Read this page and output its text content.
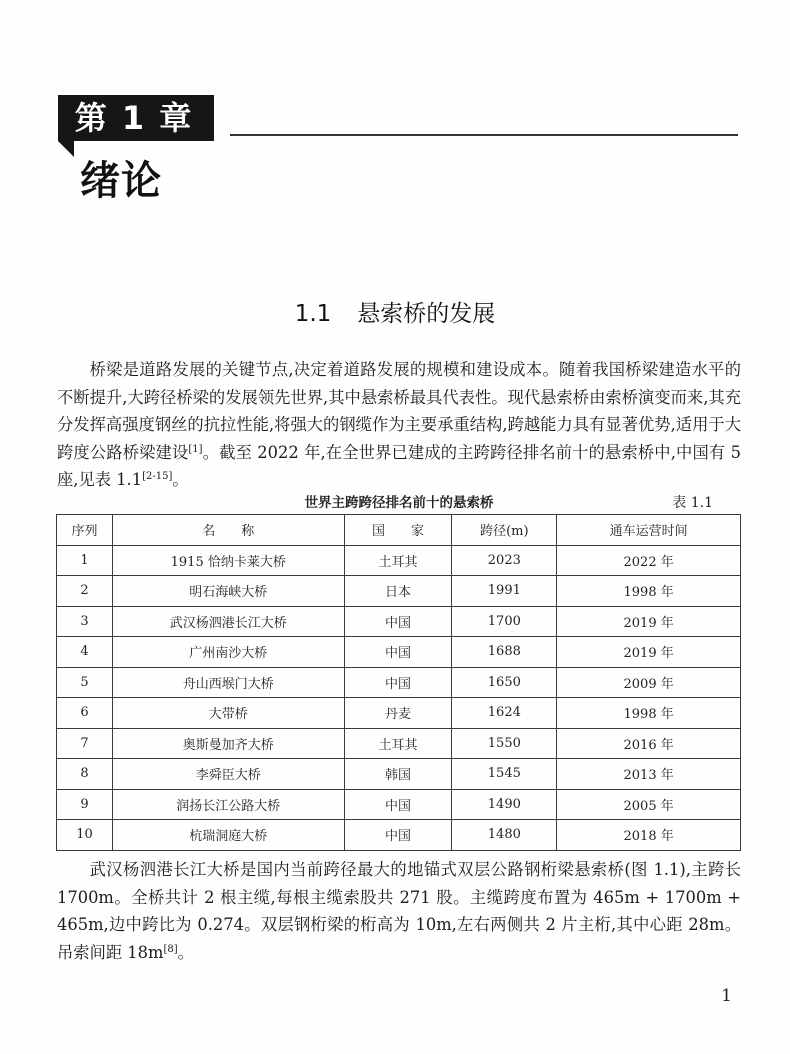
第 1 章
绪论
1.1 悬索桥的发展

桥梁是道路发展的关键节点,决定着道路发展的规模和建设成本。随着我国桥梁建造水平的不断提升,大跨径桥梁的发展领先世界,其中悬索桥最具代表性。现代悬索桥由索桥演变而来,其充分发挥高强度钢丝的抗拉性能,将强大的钢缆作为主要承重结构,跨越能力具有显著优势,适用于大跨度公路桥梁建设[1]。截至 2022 年,在全世界已建成的主跨跨径排名前十的悬索桥中,中国有 5 座,见表 1.1[2-15]。

世界主跨跨径排名前十的悬索桥	表 1.1
序列	名　　称	国　　家	跨径(m)	通车运营时间
1	1915 恰纳卡莱大桥	土耳其	2023	2022 年
2	明石海峡大桥	日本	1991	1998 年
3	武汉杨泗港长江大桥	中国	1700	2019 年
4	广州南沙大桥	中国	1688	2019 年
5	舟山西堠门大桥	中国	1650	2009 年
6	大带桥	丹麦	1624	1998 年
7	奥斯曼加齐大桥	土耳其	1550	2016 年
8	李舜臣大桥	韩国	1545	2013 年
9	润扬长江公路大桥	中国	1490	2005 年
10	杭瑞洞庭大桥	中国	1480	2018 年

武汉杨泗港长江大桥是国内当前跨径最大的地锚式双层公路钢桁梁悬索桥(图 1.1),主跨长 1700m。全桥共计 2 根主缆,每根主缆索股共 271 股。主缆跨度布置为 465m + 1700m + 465m,边中跨比为 0.274。双层钢桁梁的桁高为 10m,左右两侧共 2 片主桁,其中心距 28m。吊索间距 18m[8]。

1
